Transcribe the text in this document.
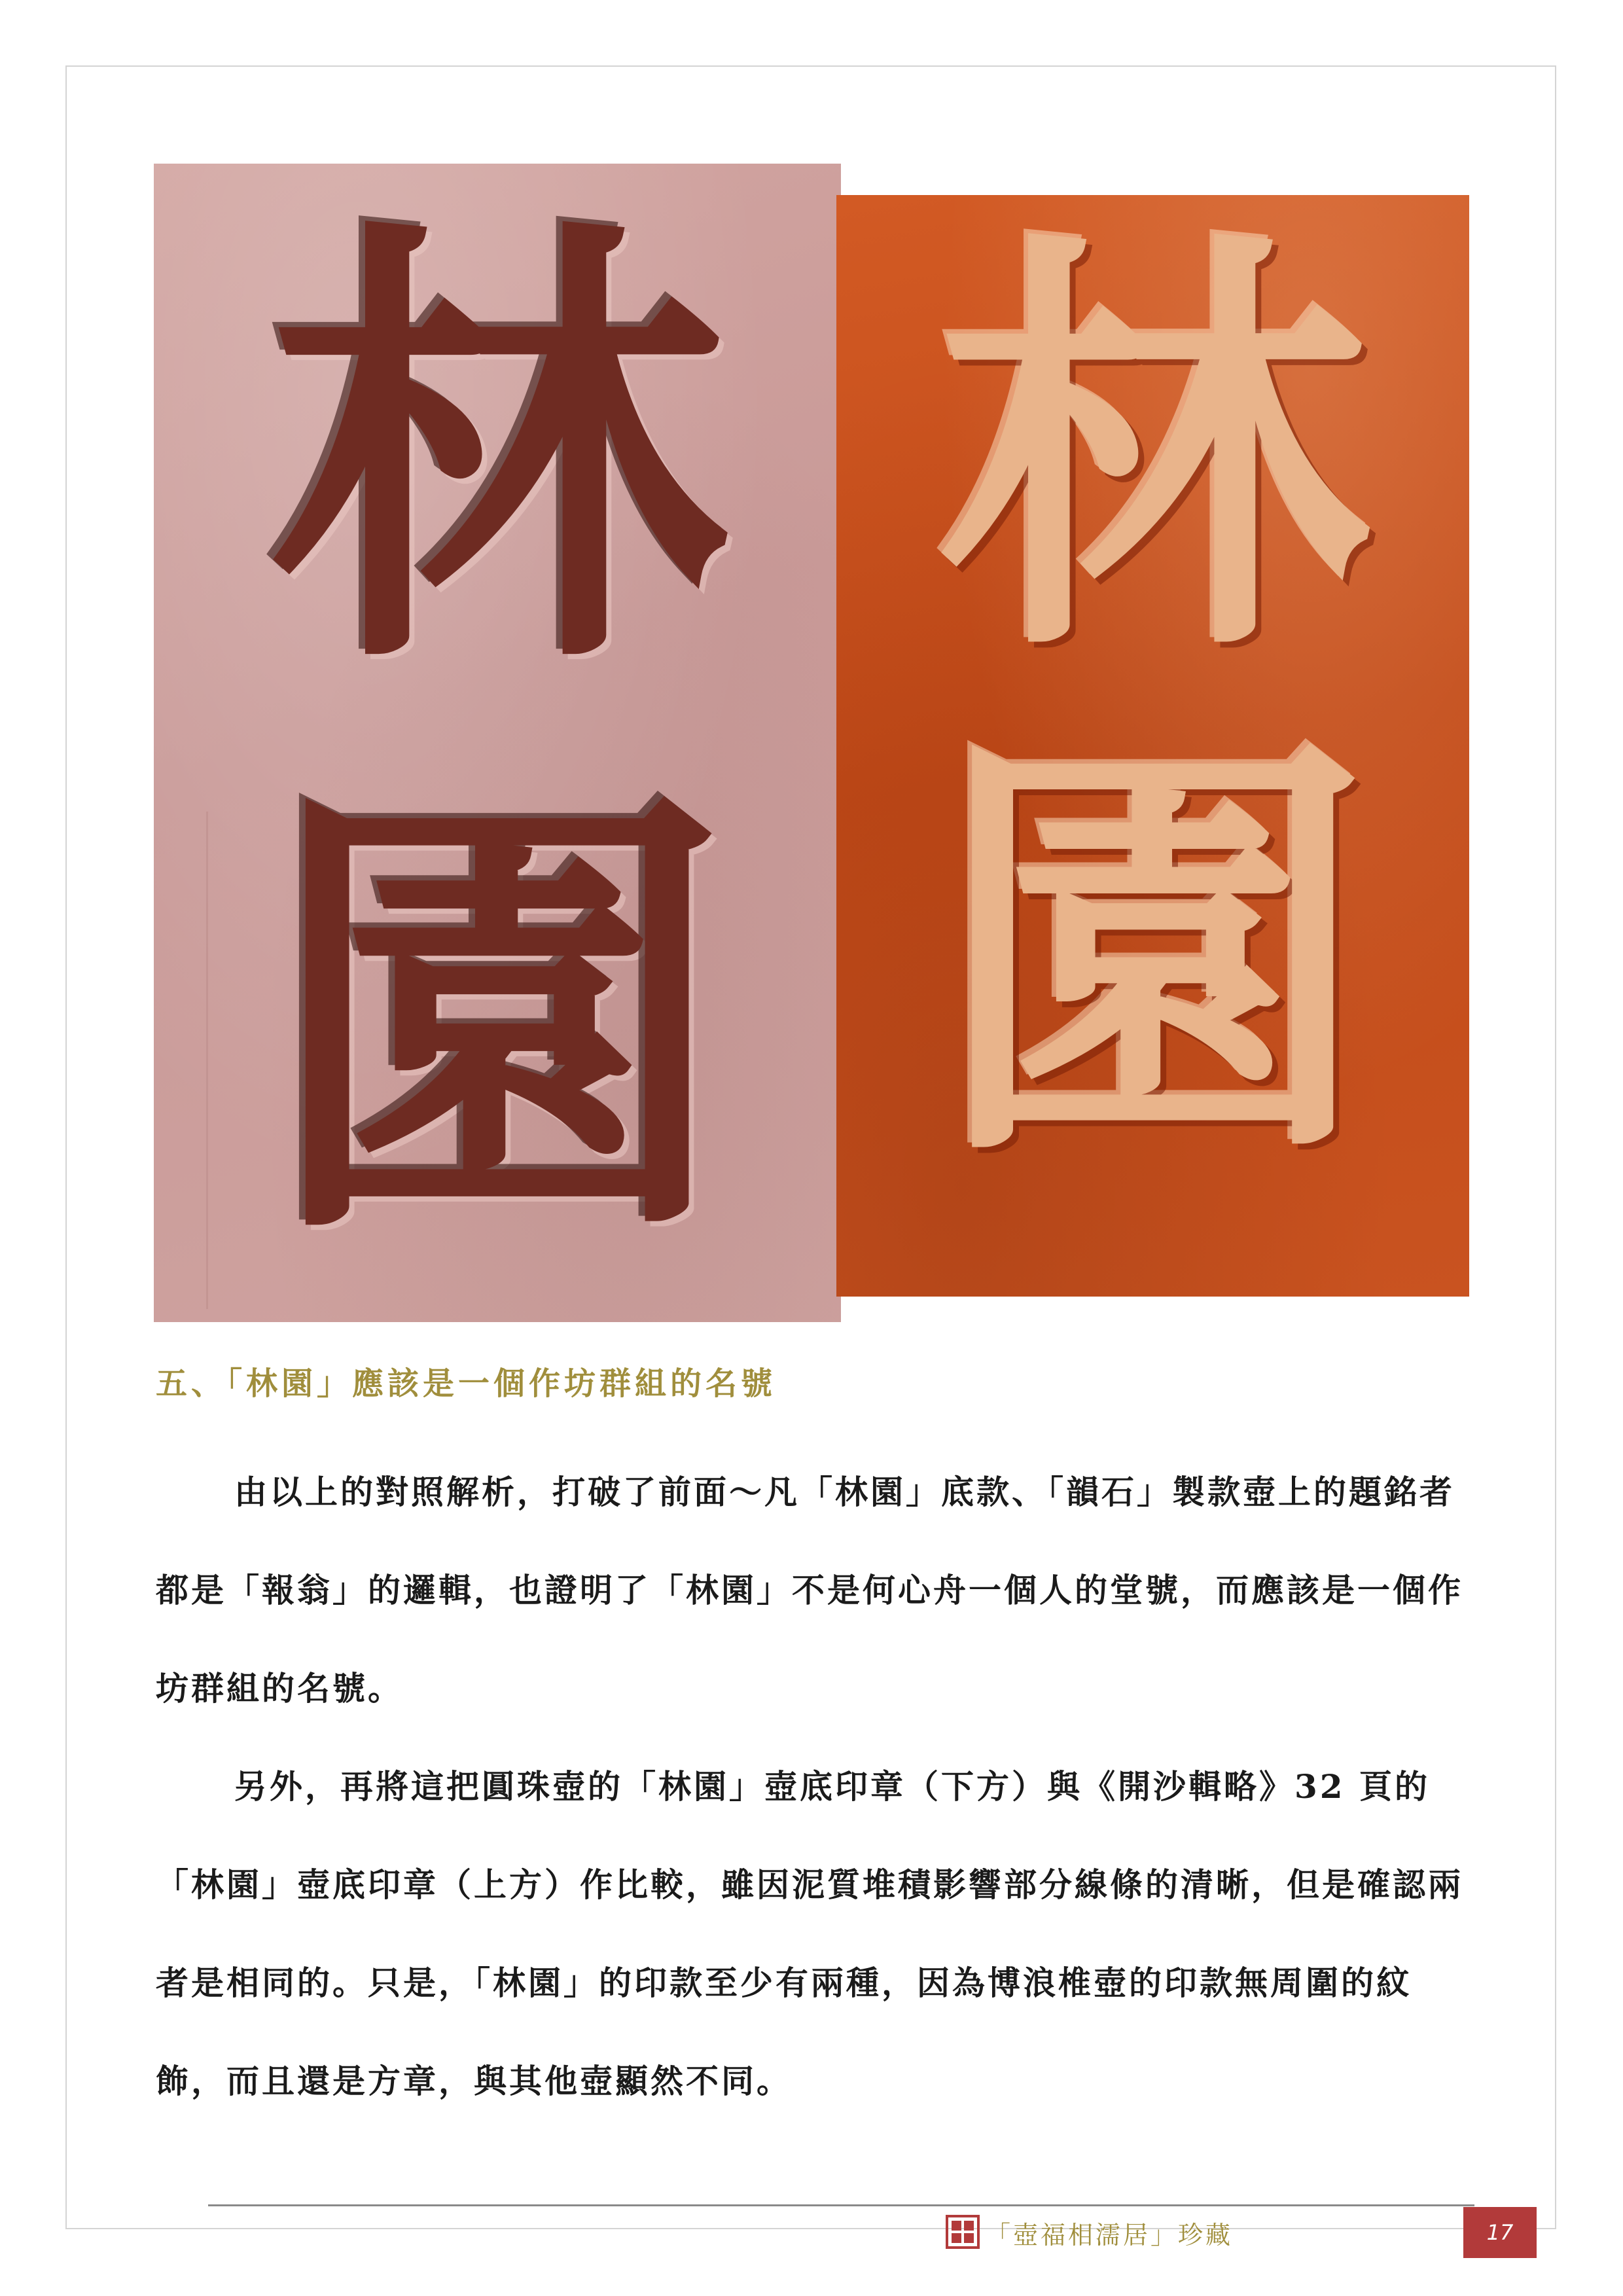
林
園
林
園
五、「林園」應該是一個作坊群組的名號

由以上的對照解析，打破了前面～凡「林園」底款、「韻石」製款壺上的題銘者都是「報翁」的邏輯，也證明了「林園」不是何心舟一個人的堂號，而應該是一個作坊群組的名號。

另外，再將這把圓珠壺的「林園」壺底印章（下方）與《開沙輯略》32 頁的「林園」壺底印章（上方）作比較，雖因泥質堆積影響部分線條的清晰，但是確認兩者是相同的。只是，「林園」的印款至少有兩種，因為博浪椎壺的印款無周圍的紋飾，而且還是方章，與其他壺顯然不同。

「壺福相濡居」珍藏	17
